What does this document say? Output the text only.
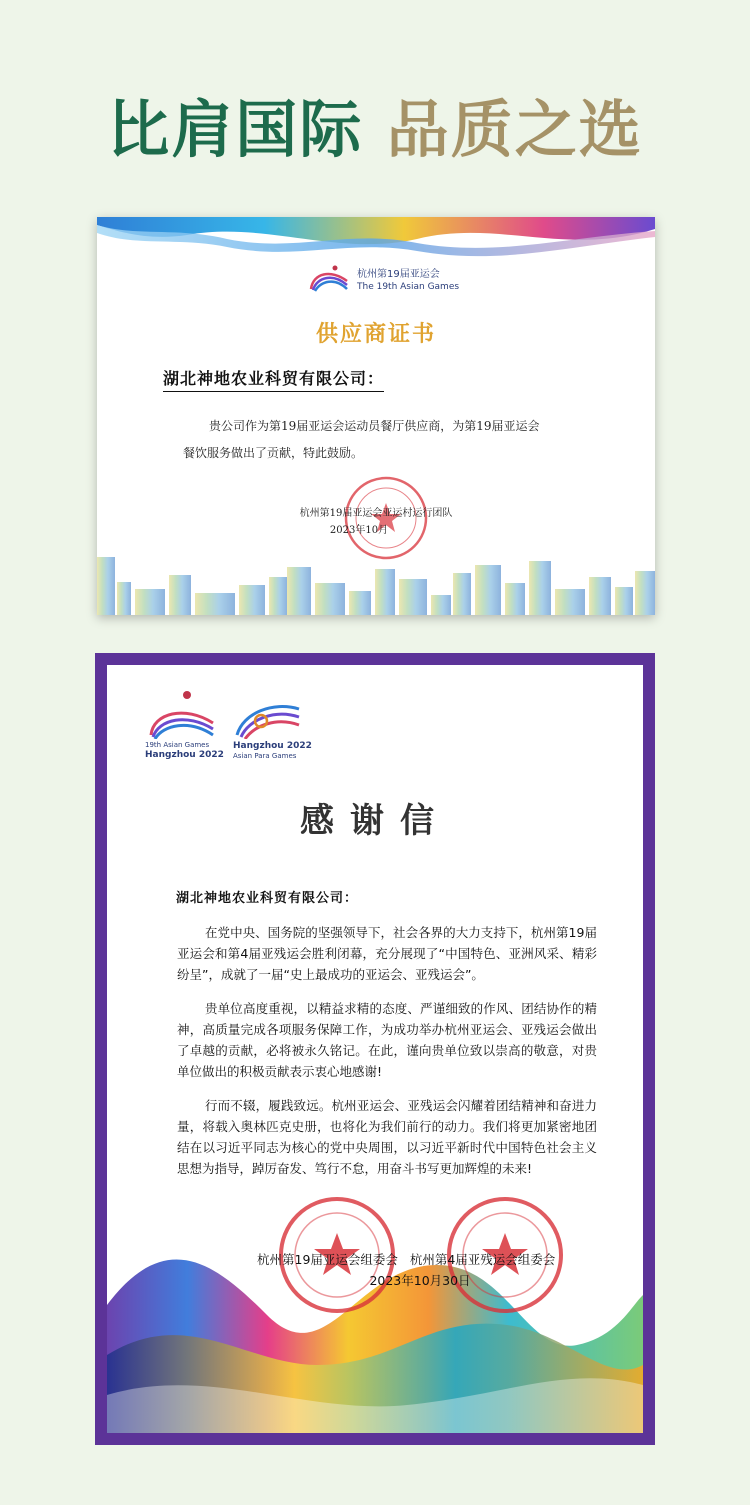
比肩国际 品质之选
杭州第19届亚运会
The 19th Asian Games
供应商证书
湖北神地农业科贸有限公司：
贵公司作为第19届亚运会运动员餐厅供应商，为第19届亚运会
餐饮服务做出了贡献，特此鼓励。
杭州第19届亚运会亚运村运行团队
2023年10月
19th Asian Games
Hangzhou 2022
Hangzhou 2022
Asian Para Games
感谢信
湖北神地农业科贸有限公司：

在党中央、国务院的坚强领导下，社会各界的大力支持下，杭州第19届亚运会和第4届亚残运会胜利闭幕，充分展现了“中国特色、亚洲风采、精彩纷呈”，成就了一届“史上最成功的亚运会、亚残运会”。

贵单位高度重视，以精益求精的态度、严谨细致的作风、团结协作的精神，高质量完成各项服务保障工作，为成功举办杭州亚运会、亚残运会做出了卓越的贡献，必将被永久铭记。在此，谨向贵单位致以崇高的敬意，对贵单位做出的积极贡献表示衷心地感谢!

行而不辍，履践致远。杭州亚运会、亚残运会闪耀着团结精神和奋进力量，将载入奥林匹克史册，也将化为我们前行的动力。我们将更加紧密地团结在以习近平同志为核心的党中央周围，以习近平新时代中国特色社会主义思想为指导，踔厉奋发、笃行不怠，用奋斗书写更加辉煌的未来!

杭州第19届亚运会组委会 杭州第4届亚残运会组委会
2023年10月30日
